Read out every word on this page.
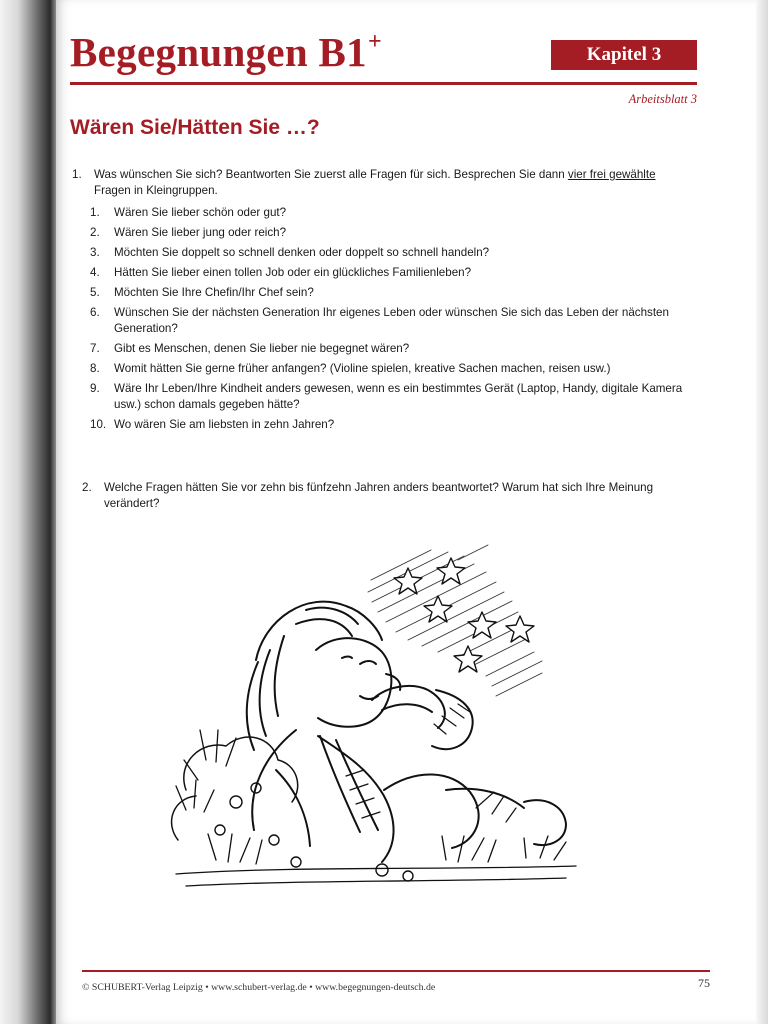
Begegnungen B1+	Kapitel 3
Arbeitsblatt 3
Wären Sie/Hätten Sie …?
1.	Was wünschen Sie sich? Beantworten Sie zuerst alle Fragen für sich. Besprechen Sie dann vier frei gewählte Fragen in Kleingruppen.
1.	Wären Sie lieber schön oder gut?
2.	Wären Sie lieber jung oder reich?
3.	Möchten Sie doppelt so schnell denken oder doppelt so schnell handeln?
4.	Hätten Sie lieber einen tollen Job oder ein glückliches Familienleben?
5.	Möchten Sie Ihre Chefin/Ihr Chef sein?
6.	Wünschen Sie der nächsten Generation Ihr eigenes Leben oder wünschen Sie sich das Leben der nächsten Generation?
7.	Gibt es Menschen, denen Sie lieber nie begegnet wären?
8.	Womit hätten Sie gerne früher anfangen? (Violine spielen, kreative Sachen machen, reisen usw.)
9.	Wäre Ihr Leben/Ihre Kindheit anders gewesen, wenn es ein bestimmtes Gerät (Laptop, Handy, digitale Kamera usw.) schon damals gegeben hätte?
10. Wo wären Sie am liebsten in zehn Jahren?
2.	Welche Fragen hätten Sie vor zehn bis fünfzehn Jahren anders beantwortet? Warum hat sich Ihre Meinung verändert?
© SCHUBERT-Verlag Leipzig • www.schubert-verlag.de • www.begegnungen-deutsch.de	75
